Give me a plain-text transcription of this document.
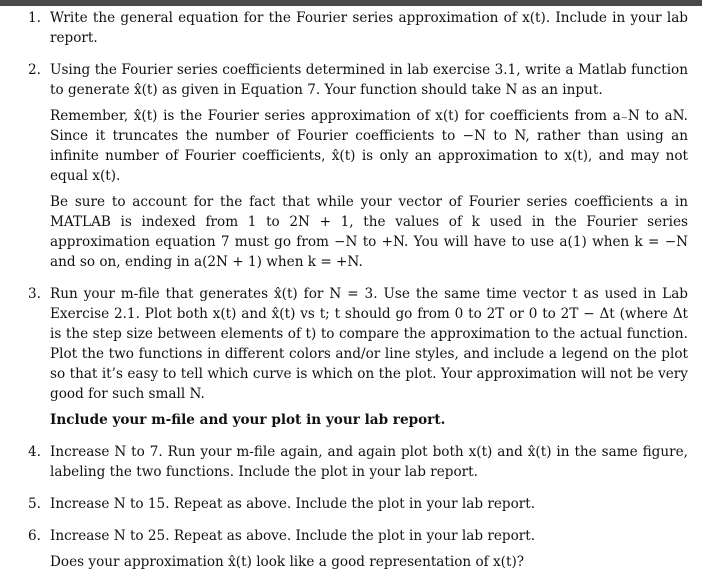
1. Write the general equation for the Fourier series approximation of x(t). Include in your lab report.

2. Using the Fourier series coefficients determined in lab exercise 3.1, write a Matlab function to generate x̂(t) as given in Equation 7. Your function should take N as an input.

Remember, x̂(t) is the Fourier series approximation of x(t) for coefficients from a₋N to aN. Since it truncates the number of Fourier coefficients to −N to N, rather than using an infinite number of Fourier coefficients, x̂(t) is only an approximation to x(t), and may not equal x(t).

Be sure to account for the fact that while your vector of Fourier series coefficients a in MATLAB is indexed from 1 to 2N + 1, the values of k used in the Fourier series approximation equation 7 must go from −N to +N. You will have to use a(1) when k = −N and so on, ending in a(2N + 1) when k = +N.

3. Run your m-file that generates x̂(t) for N = 3. Use the same time vector t as used in Lab Exercise 2.1. Plot both x(t) and x̂(t) vs t; t should go from 0 to 2T or 0 to 2T − Δt (where Δt is the step size between elements of t) to compare the approximation to the actual function. Plot the two functions in different colors and/or line styles, and include a legend on the plot so that it’s easy to tell which curve is which on the plot. Your approximation will not be very good for such small N.

Include your m-file and your plot in your lab report.

4. Increase N to 7. Run your m-file again, and again plot both x(t) and x̂(t) in the same figure, labeling the two functions. Include the plot in your lab report.

5. Increase N to 15. Repeat as above. Include the plot in your lab report.

6. Increase N to 25. Repeat as above. Include the plot in your lab report.

Does your approximation x̂(t) look like a good representation of x(t)?
